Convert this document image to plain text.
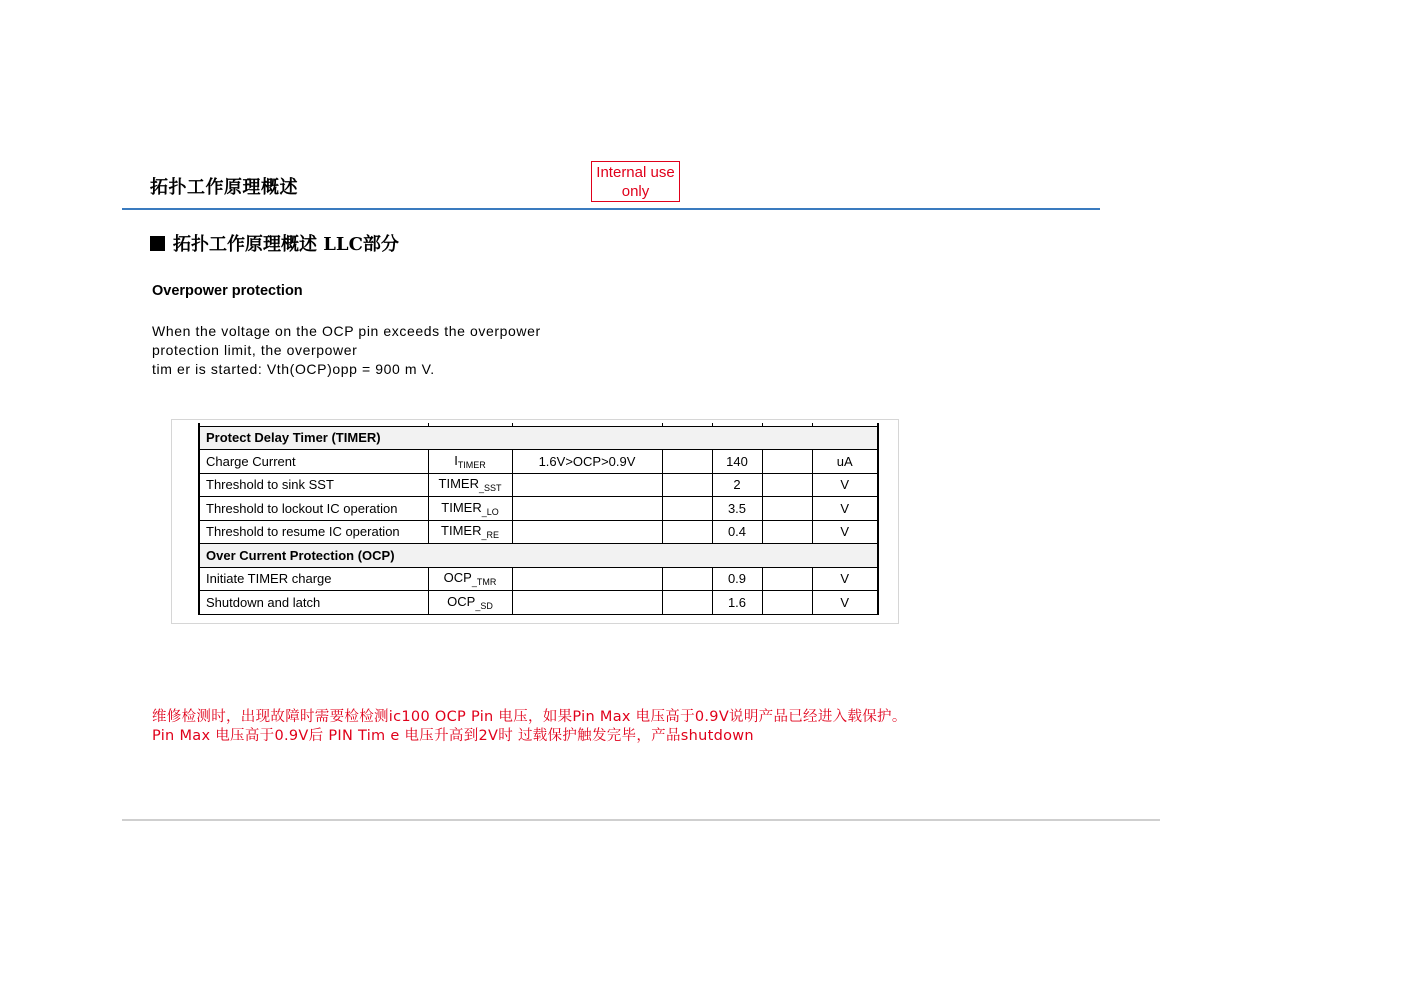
拓扑工作原理概述
Internal use only
拓扑工作原理概述 LLC部分
Overpower protection
When the voltage on the OCP pin exceeds the overpower
protection limit, the overpower
tim er is started: Vth(OCP)opp = 900 m V.

Protect Delay Timer (TIMER)						
Charge Current	$I_{TIMER}$	1.6V>OCP>0.9V		140		uA
Threshold to sink SST	$TIMER_{\_SST}$			2		V
Threshold to lockout IC operation	$TIMER_{\_LO}$			3.5		V
Threshold to resume IC operation	$TIMER_{\_RE}$			0.4		V
Over Current Protection (OCP)						
Initiate TIMER charge	$OCP_{\_TMR}$			0.9		V
Shutdown and latch	$OCP_{\_SD}$			1.6		V
维修检测时，出现故障时需要检检测ic100 OCP Pin 电压，如果Pin Max 电压高于0.9V说明产品已经进入载保护。
Pin Max 电压高于0.9V后 PIN Tim e 电压升高到2V时 过载保护触发完毕，产品shutdown
